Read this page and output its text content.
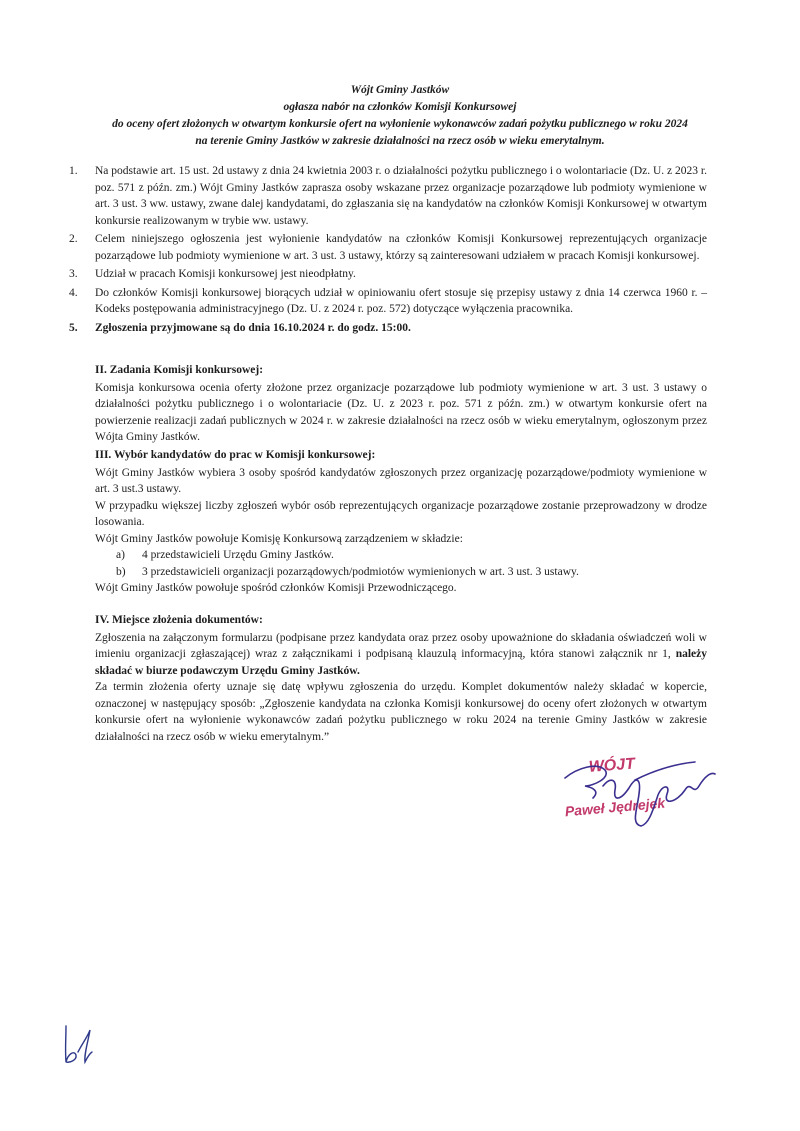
Wójt Gminy Jastków
ogłasza nabór na członków Komisji Konkursowej
do oceny ofert złożonych w otwartym konkursie ofert na wyłonienie wykonawców zadań pożytku publicznego w roku 2024
na terenie Gminy Jastków w zakresie działalności na rzecz osób w wieku emerytalnym.
1. Na podstawie art. 15 ust. 2d ustawy z dnia 24 kwietnia 2003 r. o działalności pożytku publicznego i o wolontariacie (Dz. U. z 2023 r. poz. 571 z późn. zm.) Wójt Gminy Jastków zaprasza osoby wskazane przez organizacje pozarządowe lub podmioty wymienione w art. 3 ust. 3 ww. ustawy, zwane dalej kandydatami, do zgłaszania się na kandydatów na członków Komisji Konkursowej w otwartym konkursie realizowanym w trybie ww. ustawy.
2. Celem niniejszego ogłoszenia jest wyłonienie kandydatów na członków Komisji Konkursowej reprezentujących organizacje pozarządowe lub podmioty wymienione w art. 3 ust. 3 ustawy, którzy są zainteresowani udziałem w pracach Komisji konkursowej.
3. Udział w pracach Komisji konkursowej jest nieodpłatny.
4. Do członków Komisji konkursowej biorących udział w opiniowaniu ofert stosuje się przepisy ustawy z dnia 14 czerwca 1960 r. – Kodeks postępowania administracyjnego (Dz. U. z 2024 r. poz. 572) dotyczące wyłączenia pracownika.
5. Zgłoszenia przyjmowane są do dnia 16.10.2024 r. do godz. 15:00.
II. Zadania Komisji konkursowej:

Komisja konkursowa ocenia oferty złożone przez organizacje pozarządowe lub podmioty wymienione w art. 3 ust. 3 ustawy o działalności pożytku publicznego i o wolontariacie (Dz. U. z 2023 r. poz. 571 z późn. zm.) w otwartym konkursie ofert na powierzenie realizacji zadań publicznych w 2024 r. w zakresie działalności na rzecz osób w wieku emerytalnym, ogłoszonym przez Wójta Gminy Jastków.

III. Wybór kandydatów do prac w Komisji konkursowej:

Wójt Gminy Jastków wybiera 3 osoby spośród kandydatów zgłoszonych przez organizację pozarządowe/podmioty wymienione w art. 3 ust.3 ustawy.

W przypadku większej liczby zgłoszeń wybór osób reprezentujących organizacje pozarządowe zostanie przeprowadzony w drodze losowania.

Wójt Gminy Jastków powołuje Komisję Konkursową zarządzeniem w składzie:

a) 4 przedstawicieli Urzędu Gminy Jastków.
b) 3 przedstawicieli organizacji pozarządowych/podmiotów wymienionych w art. 3 ust. 3 ustawy.

Wójt Gminy Jastków powołuje spośród członków Komisji Przewodniczącego.

IV. Miejsce złożenia dokumentów:

Zgłoszenia na załączonym formularzu (podpisane przez kandydata oraz przez osoby upoważnione do składania oświadczeń woli w imieniu organizacji zgłaszającej) wraz z załącznikami i podpisaną klauzulą informacyjną, która stanowi załącznik nr 1, należy składać w biurze podawczym Urzędu Gminy Jastków.

Za termin złożenia oferty uznaje się datę wpływu zgłoszenia do urzędu. Komplet dokumentów należy składać w kopercie, oznaczonej w następujący sposób: „Zgłoszenie kandydata na członka Komisji konkursowej do oceny ofert złożonych w otwartym konkursie ofert na wyłonienie wykonawców zadań pożytku publicznego w roku 2024 na terenie Gminy Jastków w zakresie działalności na rzecz osób w wieku emerytalnym.”

WÓJT
Paweł Jędrejek
